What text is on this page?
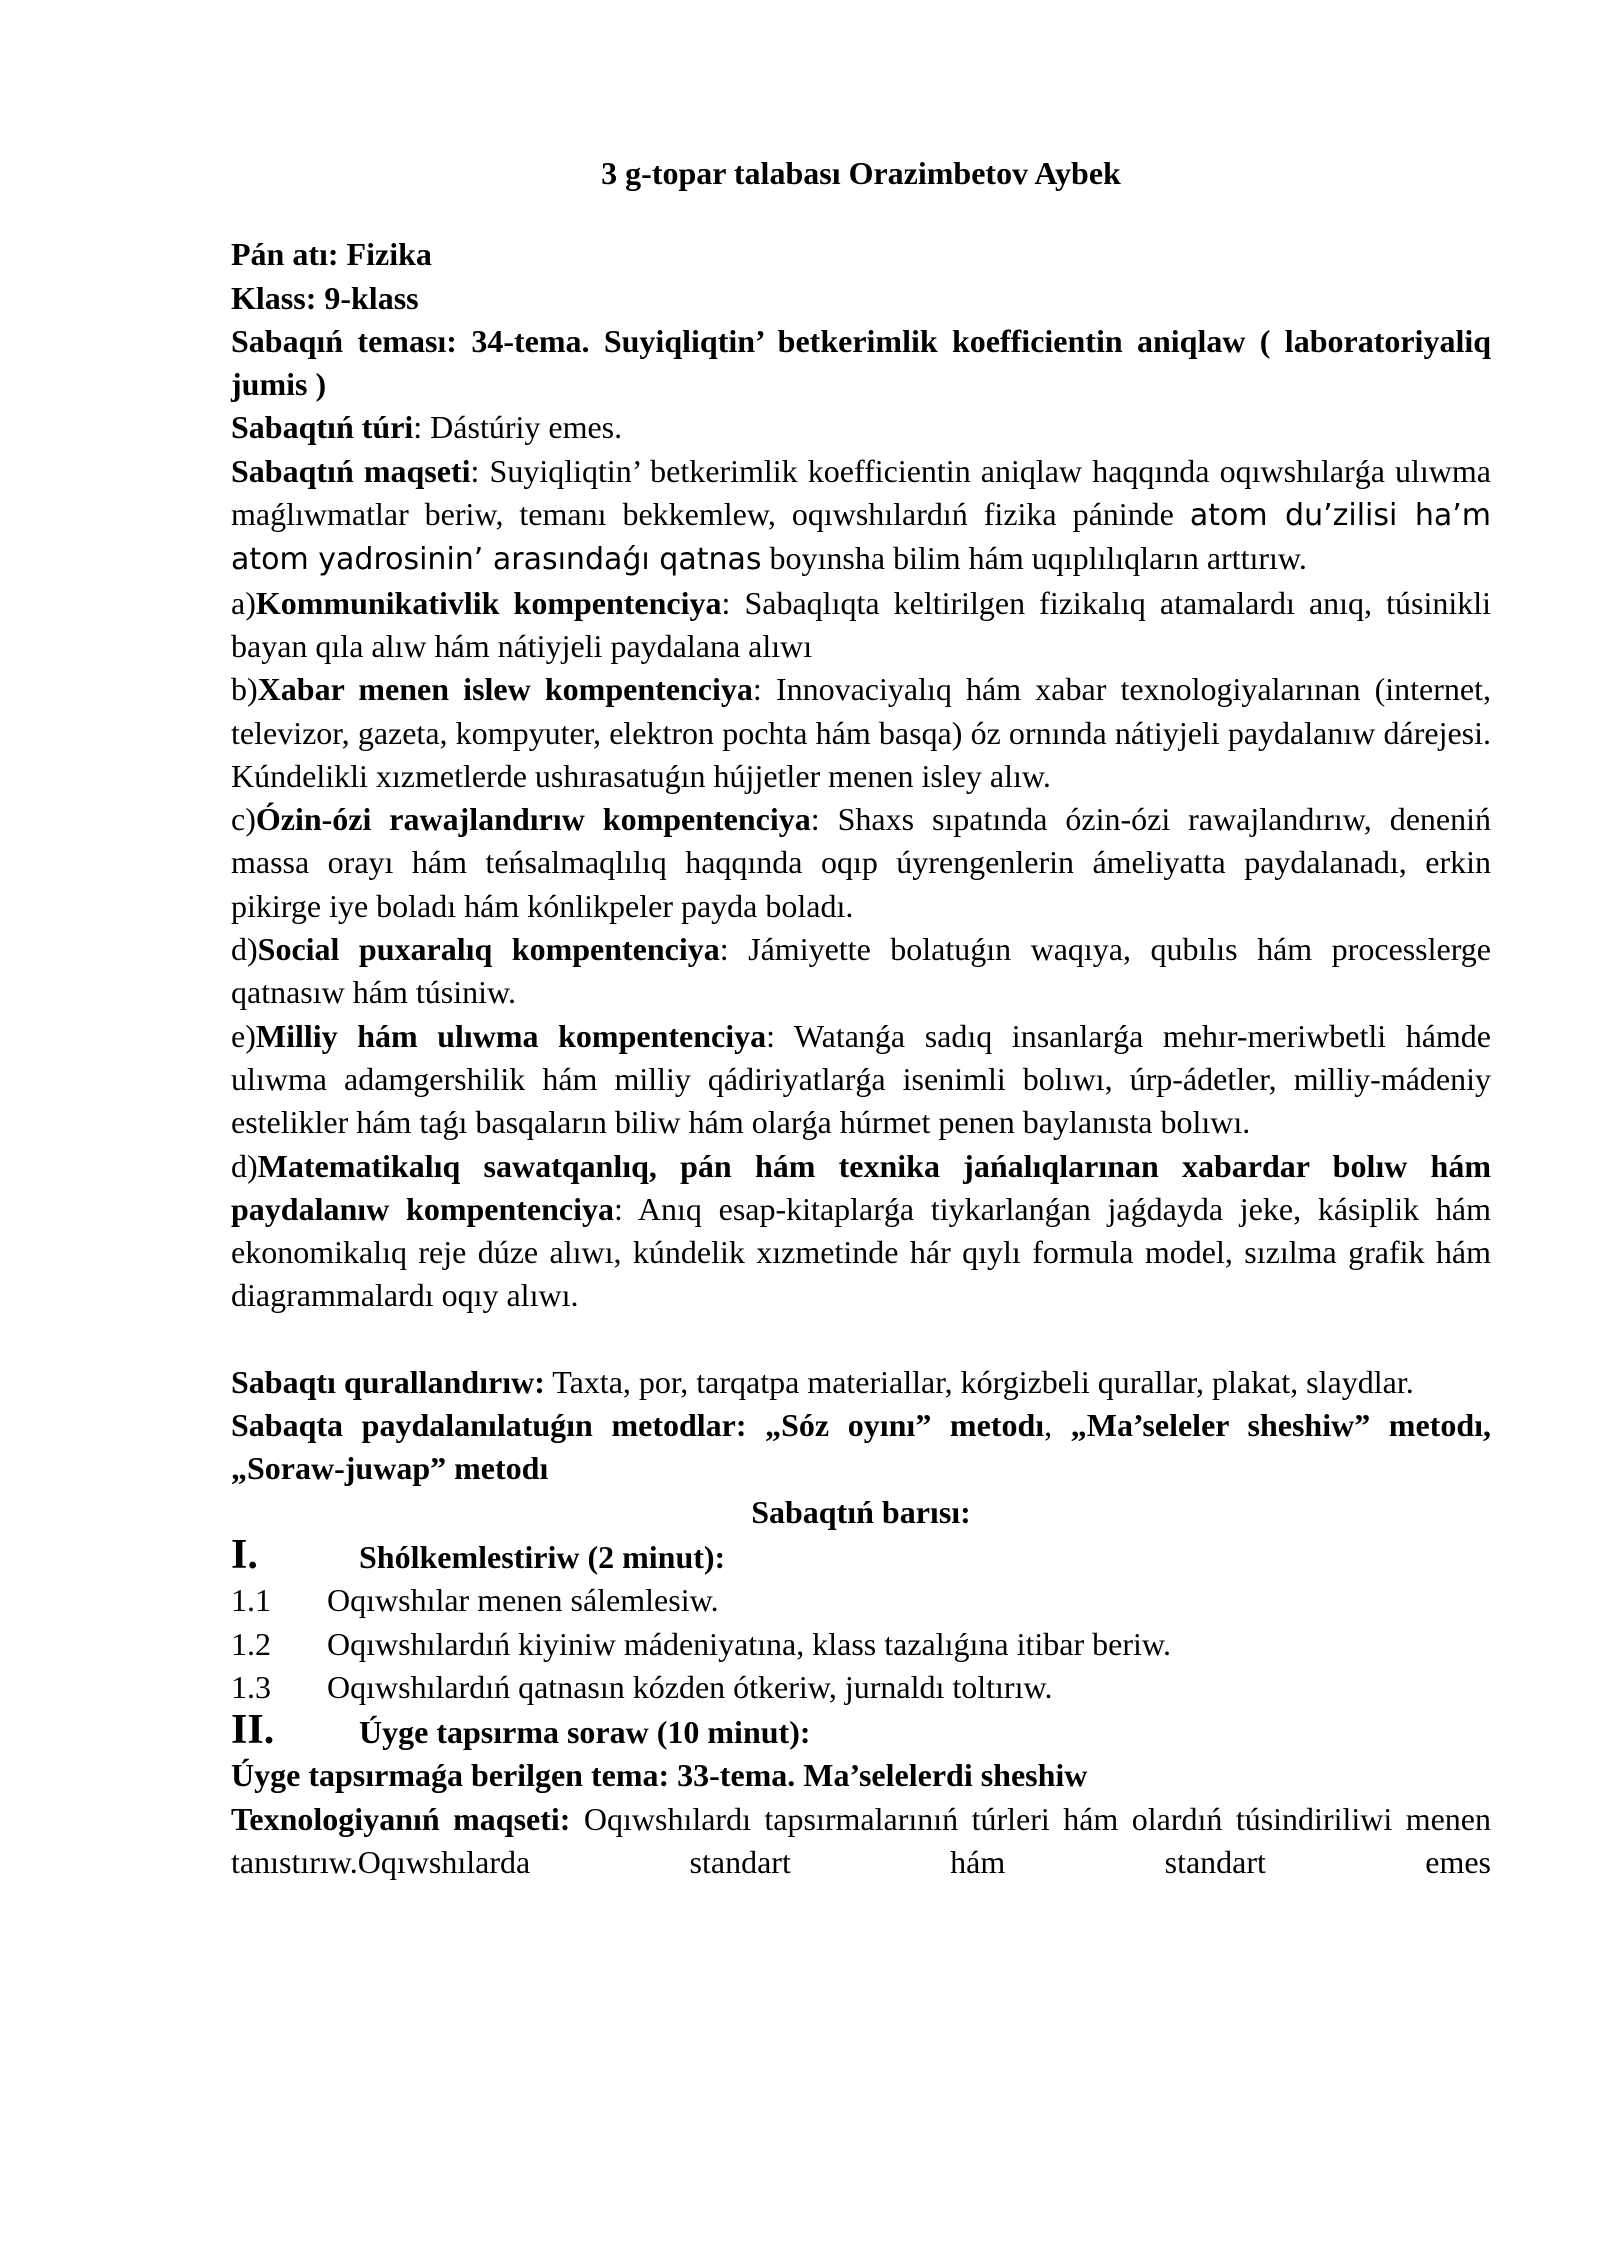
3 g-topar talabası Orazimbetov Aybek

Pán atı: Fizika

Klass: 9-klass

Sabaqıń teması: 34-tema. Suyiqliqtin’ betkerimlik koefficientin aniqlaw ( laboratoriyaliq jumis )

Sabaqtıń túri: Dástúriy emes.

Sabaqtıń maqseti: Suyiqliqtin’ betkerimlik koefficientin aniqlaw haqqında oqıwshılarǵa ulıwma maǵlıwmatlar beriw, temanı bekkemlew, oqıwshılardıń fizika páninde atom du’zilisi ha’m atom yadrosinin’ arasındaǵı qatnas boyınsha bilim hám uqıplılıqların arttırıw.

a)Kommunikativlik kompentenciya: Sabaqlıqta keltirilgen fizikalıq atamalardı anıq, túsinikli bayan qıla alıw hám nátiyjeli paydalana alıwı

b)Xabar menen islew kompentenciya: Innovaciyalıq hám xabar texnologiyalarınan (internet, televizor, gazeta, kompyuter, elektron pochta hám basqa) óz ornında nátiyjeli paydalanıw dárejesi. Kúndelikli xızmetlerde ushırasatuǵın hújjetler menen isley alıw.

c)Ózin-ózi rawajlandırıw kompentenciya: Shaxs sıpatında ózin-ózi rawajlandırıw, deneniń massa orayı hám teńsalmaqlılıq haqqında oqıp úyrengenlerin ámeliyatta paydalanadı, erkin pikirge iye boladı hám kónlikpeler payda boladı.

d)Social puxaralıq kompentenciya: Jámiyette bolatuǵın waqıya, qubılıs hám processlerge qatnasıw hám túsiniw.

e)Milliy hám ulıwma kompentenciya: Watanǵa sadıq insanlarǵa mehır-meriwbetli hámde ulıwma adamgershilik hám milliy qádiriyatlarǵa isenimli bolıwı, úrp-ádetler, milliy-mádeniy estelikler hám taǵı basqaların biliw hám olarǵa húrmet penen baylanısta bolıwı.

d)Matematikalıq sawatqanlıq, pán hám texnika jańalıqlarınan xabardar bolıw hám paydalanıw kompentenciya: Anıq esap-kitaplarǵa tiykarlanǵan jaǵdayda jeke, kásiplik hám ekonomikalıq reje dúze alıwı, kúndelik xızmetinde hár qıylı formula model, sızılma grafik hám diagrammalardı oqıy alıwı.

Sabaqtı qurallandırıw: Taxta, por, tarqatpa materiallar, kórgizbeli qurallar, plakat, slaydlar.

Sabaqta paydalanılatuǵın metodlar: „Sóz oyını” metodı, „Ma’seleler sheshiw” metodı, „Soraw-juwap” metodı

Sabaqtıń barısı:

I.	Shólkemlestiriw (2 minut):
1.1	Oqıwshılar menen sálemlesiw.
1.2	Oqıwshılardıń kiyiniw mádeniyatına, klass tazalıǵına itibar beriw.
1.3	Oqıwshılardıń qatnasın kózden ótkeriw, jurnaldı toltırıw.
II.	Úyge tapsırma soraw (10 minut):

Úyge tapsırmaǵa berilgen tema: 33-tema. Ma’selelerdi sheshiw

Texnologiyanıń maqseti: Oqıwshılardı tapsırmalarınıń túrleri hám olardıń túsindiriliwi menen tanıstırıw.Oqıwshılarda standart hám standart emes
